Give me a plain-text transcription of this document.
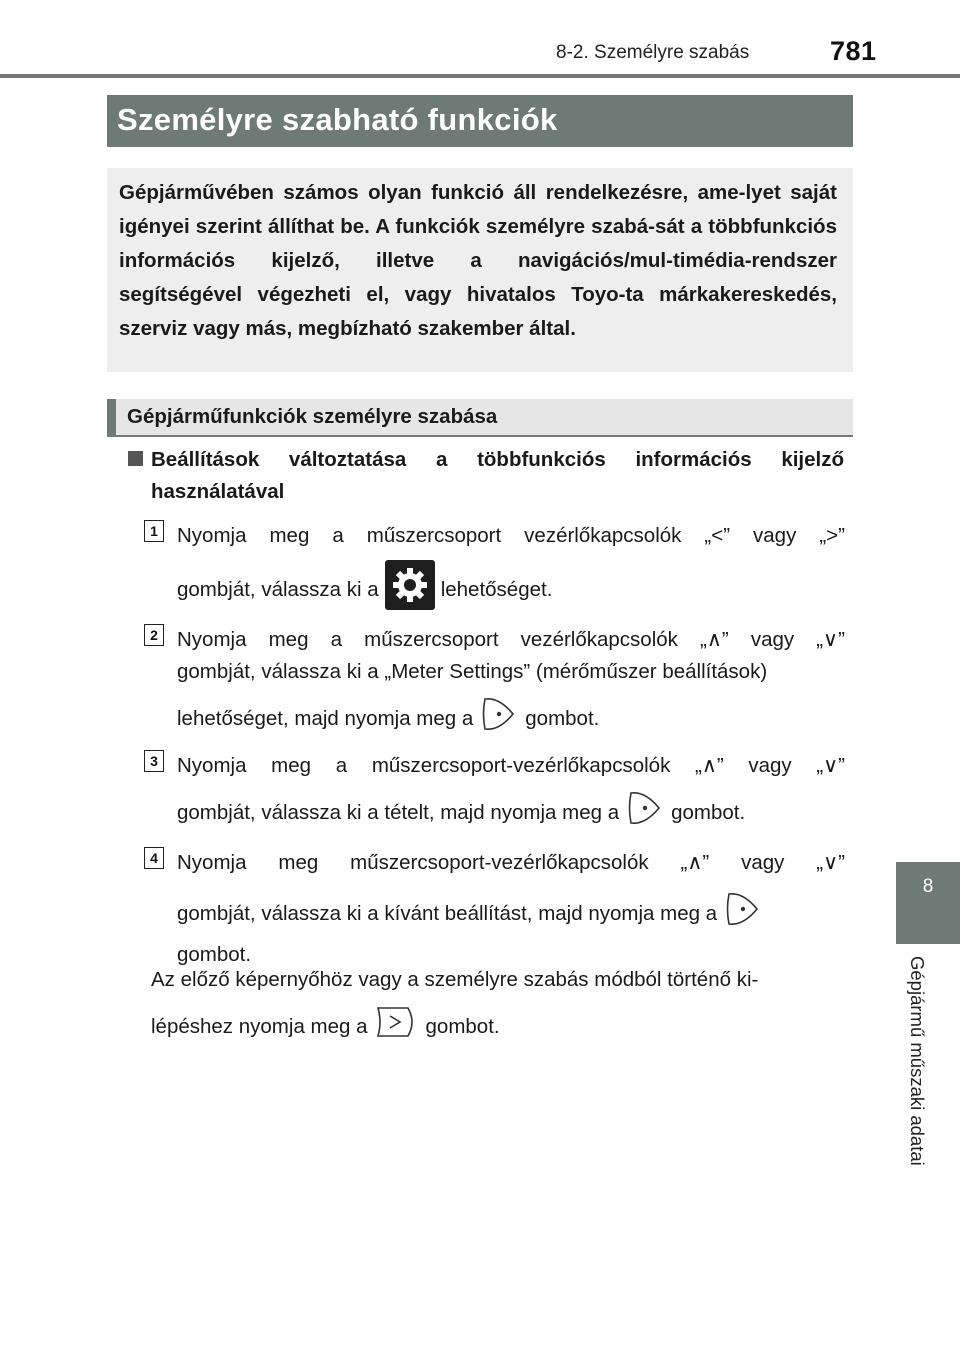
8-2. Személyre szabás	781
Személyre szabható funkciók
Gépjárművében számos olyan funkció áll rendelkezésre, ame-lyet saját igényei szerint állíthat be. A funkciók személyre szabá-sát a többfunkciós információs kijelző, illetve a navigációs/mul-timédia-rendszer segítségével végezheti el, vagy hivatalos Toyo-ta márkakereskedés, szerviz vagy más, megbízható szakember által.
Gépjárműfunkciók személyre szabása
Beállítások változtatása a többfunkciós információs kijelző használatával
1 Nyomja meg a műszercsoport vezérlőkapcsolók „<” vagy „>”
gombját, válassza ki a	lehetőséget.
2 Nyomja meg a műszercsoport vezérlőkapcsolók „∧” vagy „∨”
gombját, válassza ki a „Meter Settings” (mérőműszer beállítások)
lehetőséget, majd nyomja meg a	gombot.
3 Nyomja meg a műszercsoport-vezérlőkapcsolók „∧” vagy „∨”
gombját, válassza ki a tételt, majd nyomja meg a	gombot.
4 Nyomja meg műszercsoport-vezérlőkapcsolók „∧” vagy „∨”
gombját, válassza ki a kívánt beállítást, majd nyomja meg a
gombot.
Az előző képernyőhöz vagy a személyre szabás módból történő ki-
lépéshez nyomja meg a	gombot.
8
Gépjármű műszaki adatai
